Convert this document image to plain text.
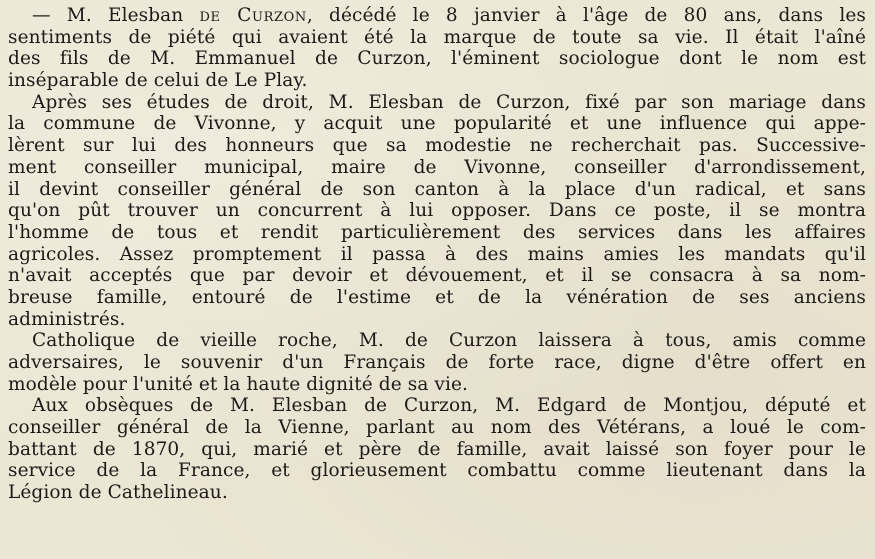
— M. Elesban de Curzon, décédé le 8 janvier à l'âge de 80 ans, dans les
sentiments de piété qui avaient été la marque de toute sa vie. Il était l'aîné
des fils de M. Emmanuel de Curzon, l'éminent sociologue dont le nom est
inséparable de celui de Le Play.
Après ses études de droit, M. Elesban de Curzon, fixé par son mariage dans
la commune de Vivonne, y acquit une popularité et une influence qui appe-
lèrent sur lui des honneurs que sa modestie ne recherchait pas. Successive-
ment conseiller municipal, maire de Vivonne, conseiller d'arrondissement,
il devint conseiller général de son canton à la place d'un radical, et sans
qu'on pût trouver un concurrent à lui opposer. Dans ce poste, il se montra
l'homme de tous et rendit particulièrement des services dans les affaires
agricoles. Assez promptement il passa à des mains amies les mandats qu'il
n'avait acceptés que par devoir et dévouement, et il se consacra à sa nom-
breuse famille, entouré de l'estime et de la vénération de ses anciens
administrés.
Catholique de vieille roche, M. de Curzon laissera à tous, amis comme
adversaires, le souvenir d'un Français de forte race, digne d'être offert en
modèle pour l'unité et la haute dignité de sa vie.
Aux obsèques de M. Elesban de Curzon, M. Edgard de Montjou, député et
conseiller général de la Vienne, parlant au nom des Vétérans, a loué le com-
battant de 1870, qui, marié et père de famille, avait laissé son foyer pour le
service de la France, et glorieusement combattu comme lieutenant dans la
Légion de Cathelineau.
